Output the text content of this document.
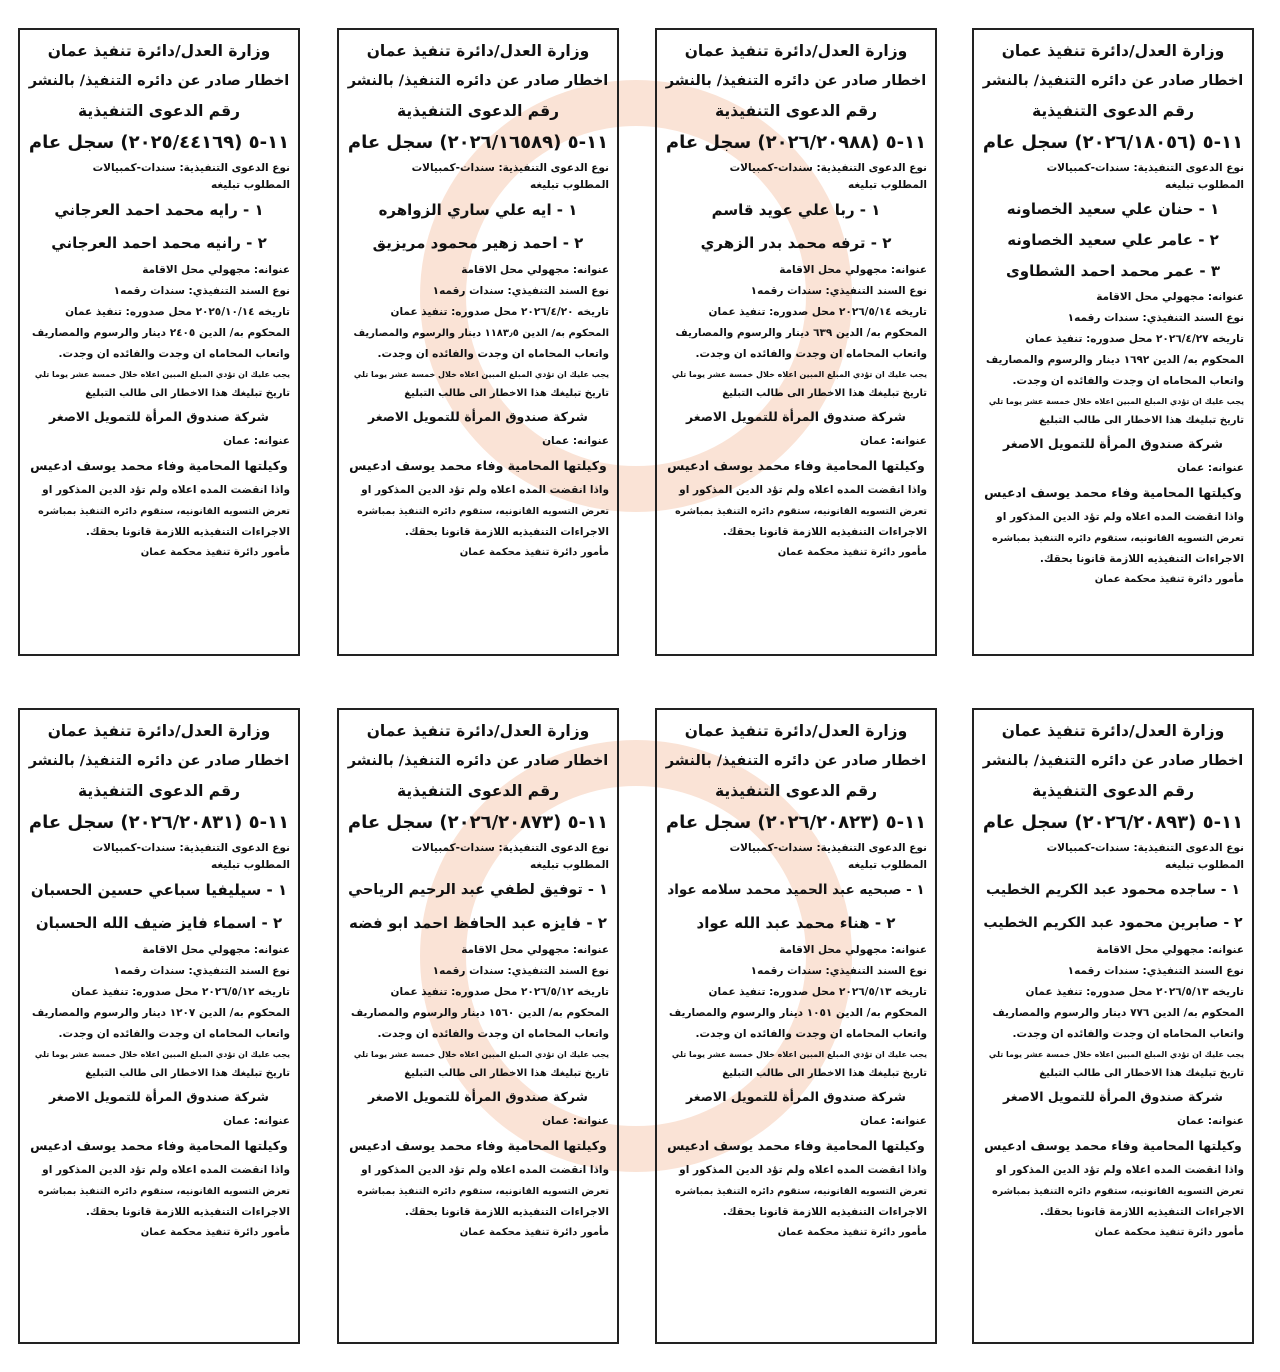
وزارة العدل/دائرة تنفيذ عمان
اخطار صادر عن دائره التنفيذ/ بالنشر
رقم الدعوى التنفيذية
١١-٥ (٢٠٢٦/١٨٠٥٦) سجل عام
نوع الدعوى التنفيذية: سندات-كمبيالات
المطلوب تبليغه
١ - حنان علي سعيد الخصاونه
٢ - عامر علي سعيد الخصاونه
٣ - عمر محمد احمد الشطاوى
عنوانه: مجهولي محل الاقامة
نوع السند التنفيذي: سندات رقمه١
تاريخه ٢٠٢٦/٤/٢٧ محل صدوره: تنفيذ عمان
المحكوم به/ الدين ١٦٩٢ دينار والرسوم والمصاريف
واتعاب المحاماه ان وجدت والفائده ان وجدت.
يجب عليك ان تؤدي المبلغ المبين اعلاه خلال خمسة عشر يوما تلي
تاريخ تبليغك هذا الاخطار الى طالب التبليغ
شركة صندوق المرأة للتمويل الاصغر
عنوانه: عمان
وكيلتها المحامية وفاء محمد يوسف ادعيس
واذا انقضت المده اعلاه ولم تؤد الدين المذكور او
تعرض التسويه القانونيه، ستقوم دائره التنفيذ بمباشره
الاجراءات التنفيذيه اللازمة قانونا بحقك.
مأمور دائرة تنفيذ محكمة عمان
وزارة العدل/دائرة تنفيذ عمان
اخطار صادر عن دائره التنفيذ/ بالنشر
رقم الدعوى التنفيذية
١١-٥ (٢٠٢٦/٢٠٩٨٨) سجل عام
نوع الدعوى التنفيذية: سندات-كمبيالات
المطلوب تبليغه
١ - ربا علي عويد قاسم
٢ - ترفه محمد بدر الزهري
عنوانه: مجهولي محل الاقامة
نوع السند التنفيذي: سندات رقمه١
تاريخه ٢٠٢٦/٥/١٤ محل صدوره: تنفيذ عمان
المحكوم به/ الدين ٦٣٩ دينار والرسوم والمصاريف
واتعاب المحاماه ان وجدت والفائده ان وجدت.
يجب عليك ان تؤدي المبلغ المبين اعلاه خلال خمسة عشر يوما تلي
تاريخ تبليغك هذا الاخطار الى طالب التبليغ
شركة صندوق المرأة للتمويل الاصغر
عنوانه: عمان
وكيلتها المحامية وفاء محمد يوسف ادعيس
واذا انقضت المده اعلاه ولم تؤد الدين المذكور او
تعرض التسويه القانونيه، ستقوم دائره التنفيذ بمباشره
الاجراءات التنفيذيه اللازمة قانونا بحقك.
مأمور دائرة تنفيذ محكمة عمان
وزارة العدل/دائرة تنفيذ عمان
اخطار صادر عن دائره التنفيذ/ بالنشر
رقم الدعوى التنفيذية
١١-٥ (٢٠٢٦/١٦٥٨٩) سجل عام
نوع الدعوى التنفيذية: سندات-كمبيالات
المطلوب تبليغه
١ - ايه علي ساري الزواهره
٢ - احمد زهير محمود مريزيق
عنوانه: مجهولي محل الاقامة
نوع السند التنفيذي: سندات رقمه١
تاريخه ٢٠٢٦/٤/٢٠ محل صدوره: تنفيذ عمان
المحكوم به/ الدين ١١٨٣٫٥ دينار والرسوم والمصاريف
واتعاب المحاماه ان وجدت والفائده ان وجدت.
يجب عليك ان تؤدي المبلغ المبين اعلاه خلال خمسة عشر يوما تلي
تاريخ تبليغك هذا الاخطار الى طالب التبليغ
شركة صندوق المرأة للتمويل الاصغر
عنوانه: عمان
وكيلتها المحامية وفاء محمد يوسف ادعيس
واذا انقضت المده اعلاه ولم تؤد الدين المذكور او
تعرض التسويه القانونيه، ستقوم دائره التنفيذ بمباشره
الاجراءات التنفيذيه اللازمة قانونا بحقك.
مأمور دائرة تنفيذ محكمة عمان
وزارة العدل/دائرة تنفيذ عمان
اخطار صادر عن دائره التنفيذ/ بالنشر
رقم الدعوى التنفيذية
١١-٥ (٢٠٢٥/٤٤١٦٩) سجل عام
نوع الدعوى التنفيذية: سندات-كمبيالات
المطلوب تبليغه
١ - رايه محمد احمد العرجاني
٢ - رانيه محمد احمد العرجاني
عنوانه: مجهولي محل الاقامة
نوع السند التنفيذي: سندات رقمه١
تاريخه ٢٠٢٥/١٠/١٤ محل صدوره: تنفيذ عمان
المحكوم به/ الدين ٢٤٠٥ دينار والرسوم والمصاريف
واتعاب المحاماه ان وجدت والفائده ان وجدت.
يجب عليك ان تؤدي المبلغ المبين اعلاه خلال خمسة عشر يوما تلي
تاريخ تبليغك هذا الاخطار الى طالب التبليغ
شركة صندوق المرأة للتمويل الاصغر
عنوانه: عمان
وكيلتها المحامية وفاء محمد يوسف ادعيس
واذا انقضت المده اعلاه ولم تؤد الدين المذكور او
تعرض التسويه القانونيه، ستقوم دائره التنفيذ بمباشره
الاجراءات التنفيذيه اللازمة قانونا بحقك.
مأمور دائرة تنفيذ محكمة عمان
وزارة العدل/دائرة تنفيذ عمان
اخطار صادر عن دائره التنفيذ/ بالنشر
رقم الدعوى التنفيذية
١١-٥ (٢٠٢٦/٢٠٨٩٣) سجل عام
نوع الدعوى التنفيذية: سندات-كمبيالات
المطلوب تبليغه
١ - ساجده محمود عبد الكريم الخطيب
٢ - صابرين محمود عبد الكريم الخطيب
عنوانه: مجهولي محل الاقامة
نوع السند التنفيذي: سندات رقمه١
تاريخه ٢٠٢٦/٥/١٣ محل صدوره: تنفيذ عمان
المحكوم به/ الدين ٧٧٦ دينار والرسوم والمصاريف
واتعاب المحاماه ان وجدت والفائده ان وجدت.
يجب عليك ان تؤدي المبلغ المبين اعلاه خلال خمسة عشر يوما تلي
تاريخ تبليغك هذا الاخطار الى طالب التبليغ
شركة صندوق المرأة للتمويل الاصغر
عنوانه: عمان
وكيلتها المحامية وفاء محمد يوسف ادعيس
واذا انقضت المده اعلاه ولم تؤد الدين المذكور او
تعرض التسويه القانونيه، ستقوم دائره التنفيذ بمباشره
الاجراءات التنفيذيه اللازمة قانونا بحقك.
مأمور دائرة تنفيذ محكمة عمان
وزارة العدل/دائرة تنفيذ عمان
اخطار صادر عن دائره التنفيذ/ بالنشر
رقم الدعوى التنفيذية
١١-٥ (٢٠٢٦/٢٠٨٢٣) سجل عام
نوع الدعوى التنفيذية: سندات-كمبيالات
المطلوب تبليغه
١ - صبحيه عبد الحميد محمد سلامه عواد
٢ - هناء محمد عبد الله عواد
عنوانه: مجهولي محل الاقامة
نوع السند التنفيذي: سندات رقمه١
تاريخه ٢٠٢٦/٥/١٣ محل صدوره: تنفيذ عمان
المحكوم به/ الدين ١٠٥١ دينار والرسوم والمصاريف
واتعاب المحاماه ان وجدت والفائده ان وجدت.
يجب عليك ان تؤدي المبلغ المبين اعلاه خلال خمسة عشر يوما تلي
تاريخ تبليغك هذا الاخطار الى طالب التبليغ
شركة صندوق المرأة للتمويل الاصغر
عنوانه: عمان
وكيلتها المحامية وفاء محمد يوسف ادعيس
واذا انقضت المده اعلاه ولم تؤد الدين المذكور او
تعرض التسويه القانونيه، ستقوم دائره التنفيذ بمباشره
الاجراءات التنفيذيه اللازمة قانونا بحقك.
مأمور دائرة تنفيذ محكمة عمان
وزارة العدل/دائرة تنفيذ عمان
اخطار صادر عن دائره التنفيذ/ بالنشر
رقم الدعوى التنفيذية
١١-٥ (٢٠٢٦/٢٠٨٧٣) سجل عام
نوع الدعوى التنفيذية: سندات-كمبيالات
المطلوب تبليغه
١ - توفيق لطفي عبد الرحيم الرياحي
٢ - فايزه عبد الحافظ احمد ابو فضه
عنوانه: مجهولي محل الاقامة
نوع السند التنفيذي: سندات رقمه١
تاريخه ٢٠٢٦/٥/١٢ محل صدوره: تنفيذ عمان
المحكوم به/ الدين ١٥٦٠ دينار والرسوم والمصاريف
واتعاب المحاماه ان وجدت والفائده ان وجدت.
يجب عليك ان تؤدي المبلغ المبين اعلاه خلال خمسة عشر يوما تلي
تاريخ تبليغك هذا الاخطار الى طالب التبليغ
شركة صندوق المرأة للتمويل الاصغر
عنوانه: عمان
وكيلتها المحامية وفاء محمد يوسف ادعيس
واذا انقضت المده اعلاه ولم تؤد الدين المذكور او
تعرض التسويه القانونيه، ستقوم دائره التنفيذ بمباشره
الاجراءات التنفيذيه اللازمة قانونا بحقك.
مأمور دائرة تنفيذ محكمة عمان
وزارة العدل/دائرة تنفيذ عمان
اخطار صادر عن دائره التنفيذ/ بالنشر
رقم الدعوى التنفيذية
١١-٥ (٢٠٢٦/٢٠٨٣١) سجل عام
نوع الدعوى التنفيذية: سندات-كمبيالات
المطلوب تبليغه
١ - سيليفيا سباعي حسين الحسبان
٢ - اسماء فايز ضيف الله الحسبان
عنوانه: مجهولي محل الاقامة
نوع السند التنفيذي: سندات رقمه١
تاريخه ٢٠٢٦/٥/١٢ محل صدوره: تنفيذ عمان
المحكوم به/ الدين ١٢٠٧ دينار والرسوم والمصاريف
واتعاب المحاماه ان وجدت والفائده ان وجدت.
يجب عليك ان تؤدي المبلغ المبين اعلاه خلال خمسة عشر يوما تلي
تاريخ تبليغك هذا الاخطار الى طالب التبليغ
شركة صندوق المرأة للتمويل الاصغر
عنوانه: عمان
وكيلتها المحامية وفاء محمد يوسف ادعيس
واذا انقضت المده اعلاه ولم تؤد الدين المذكور او
تعرض التسويه القانونيه، ستقوم دائره التنفيذ بمباشره
الاجراءات التنفيذيه اللازمة قانونا بحقك.
مأمور دائرة تنفيذ محكمة عمان
